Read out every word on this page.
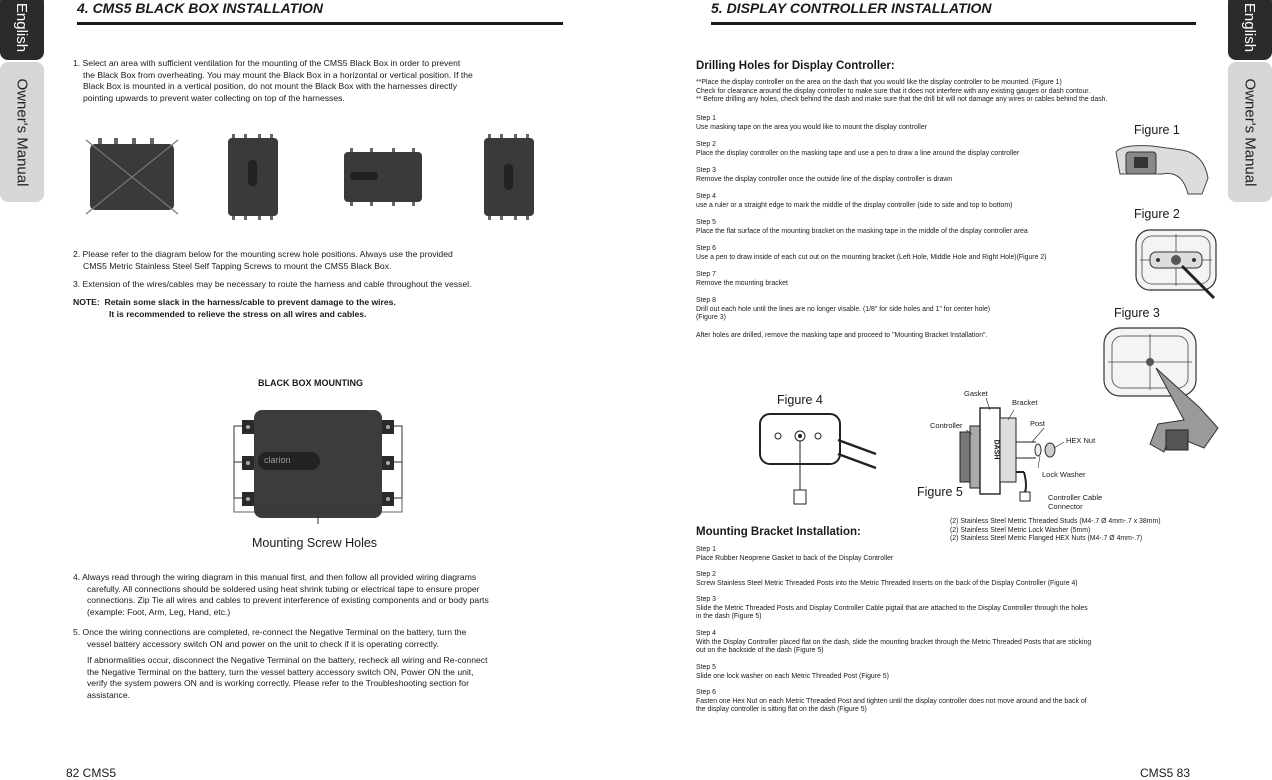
English
Owner's Manual
English
Owner's Manual
4. CMS5 BLACK BOX INSTALLATION
1. Select an area with sufficient ventilation for the mounting of the CMS5 Black Box in order to prevent
the Black Box from overheating. You may mount the Black Box in a horizontal or vertical position. If the
Black Box is mounted in a vertical position, do not mount the Black Box with the harnesses directly
pointing upwards to prevent water collecting on top of the harnesses.
2. Please refer to the diagram below for the mounting screw hole positions. Always use the provided
CMS5 Metric Stainless Steel Self Tapping Screws to mount the CMS5 Black Box.
3. Extension of the wires/cables may be necessary to route the harness and cable throughout the vessel.
NOTE: Retain some slack in the harness/cable to prevent damage to the wires.
It is recommended to relieve the stress on all wires and cables.
BLACK BOX MOUNTING
clarion
Mounting Screw Holes
4. Always read through the wiring diagram in this manual first, and then follow all provided wiring diagrams
carefully. All connections should be soldered using heat shrink tubing or electrical tape to ensure proper
connections. Zip Tie all wires and cables to prevent interference of existing components and or body parts
(example: Foot, Arm, Leg, Hand, etc.)
5. Once the wiring connections are completed, re-connect the Negative Terminal on the battery, turn the
vessel battery accessory switch ON and power on the unit to check if it is operating correctly.
If abnormalities occur, disconnect the Negative Terminal on the battery, recheck all wiring and Re-connect
the Negative Terminal on the battery, turn the vessel battery accessory switch ON, Power ON the unit,
verify the system powers ON and is working correctly. Please refer to the Troubleshooting section for
assistance.
82 CMS5
5. DISPLAY CONTROLLER INSTALLATION
Drilling Holes for Display Controller:
**Place the display controller on the area on the dash that you would like the display controller to be mounted. (Figure 1)
Check for clearance around the display controller to make sure that it does not interfere with any existing gauges or dash contour.
** Before drilling any holes, check behind the dash and make sure that the drill bit will not damage any wires or cables behind the dash.
Step 1
Use masking tape on the area you would like to mount the display controller
Step 2
Place the display controller on the masking tape and use a pen to draw a line around the display controller
Step 3
Remove the display controller once the outside line of the display controller is drawn
Step 4
use a ruler or a straight edge to mark the middle of the display controller (side to side and top to bottom)
Step 5
Place the flat surface of the mounting bracket on the masking tape in the middle of the display controller area
Step 6
Use a pen to draw inside of each cut out on the mounting bracket (Left Hole, Middle Hole and Right Hole)(Figure 2)
Step 7
Remove the mounting bracket
Step 8
Drill out each hole until the lines are no longer visable. (1/8" for side holes and 1" for center hole)
(Figure 3)
After holes are drilled, remove the masking tape and proceed to "Mounting Bracket Installation".
Figure 1
Figure 2
Figure 3
Figure 4	Gasket
Bracket
Controller	Post
HEX Nut
DASH
Lock Washer
Controller Cable
Connector
Figure 5
(2) Stainless Steel Metric Threaded Studs (M4-.7 Ø 4mm-.7 x 38mm)
(2) Stainless Steel Metric Lock Washer (5mm)
(2) Stainless Steel Metric Flanged HEX Nuts (M4-.7 Ø 4mm-.7)
Mounting Bracket Installation:
Step 1
Place Rubber Neoprene Gasket to back of the Display Controller
Step 2
Screw Stainless Steel Metric Threaded Posts into the Metric Threaded Inserts on the back of the Display Controller (Figure 4)
Step 3
Slide the Metric Threaded Posts and Display Controller Cable pigtail that are attached to the Display Controller through the holes
in the dash (Figure 5)
Step 4
With the Display Controller placed flat on the dash, slide the mounting bracket through the Metric Threaded Posts that are sticking
out on the backside of the dash (Figure 5)
Step 5
Slide one lock washer on each Metric Threaded Post (Figure 5)
Step 6
Fasten one Hex Nut on each Metric Threaded Post and tighten until the display controller does not move around and the back of
the display controller is sitting flat on the dash (Figure 5)
CMS5 83
